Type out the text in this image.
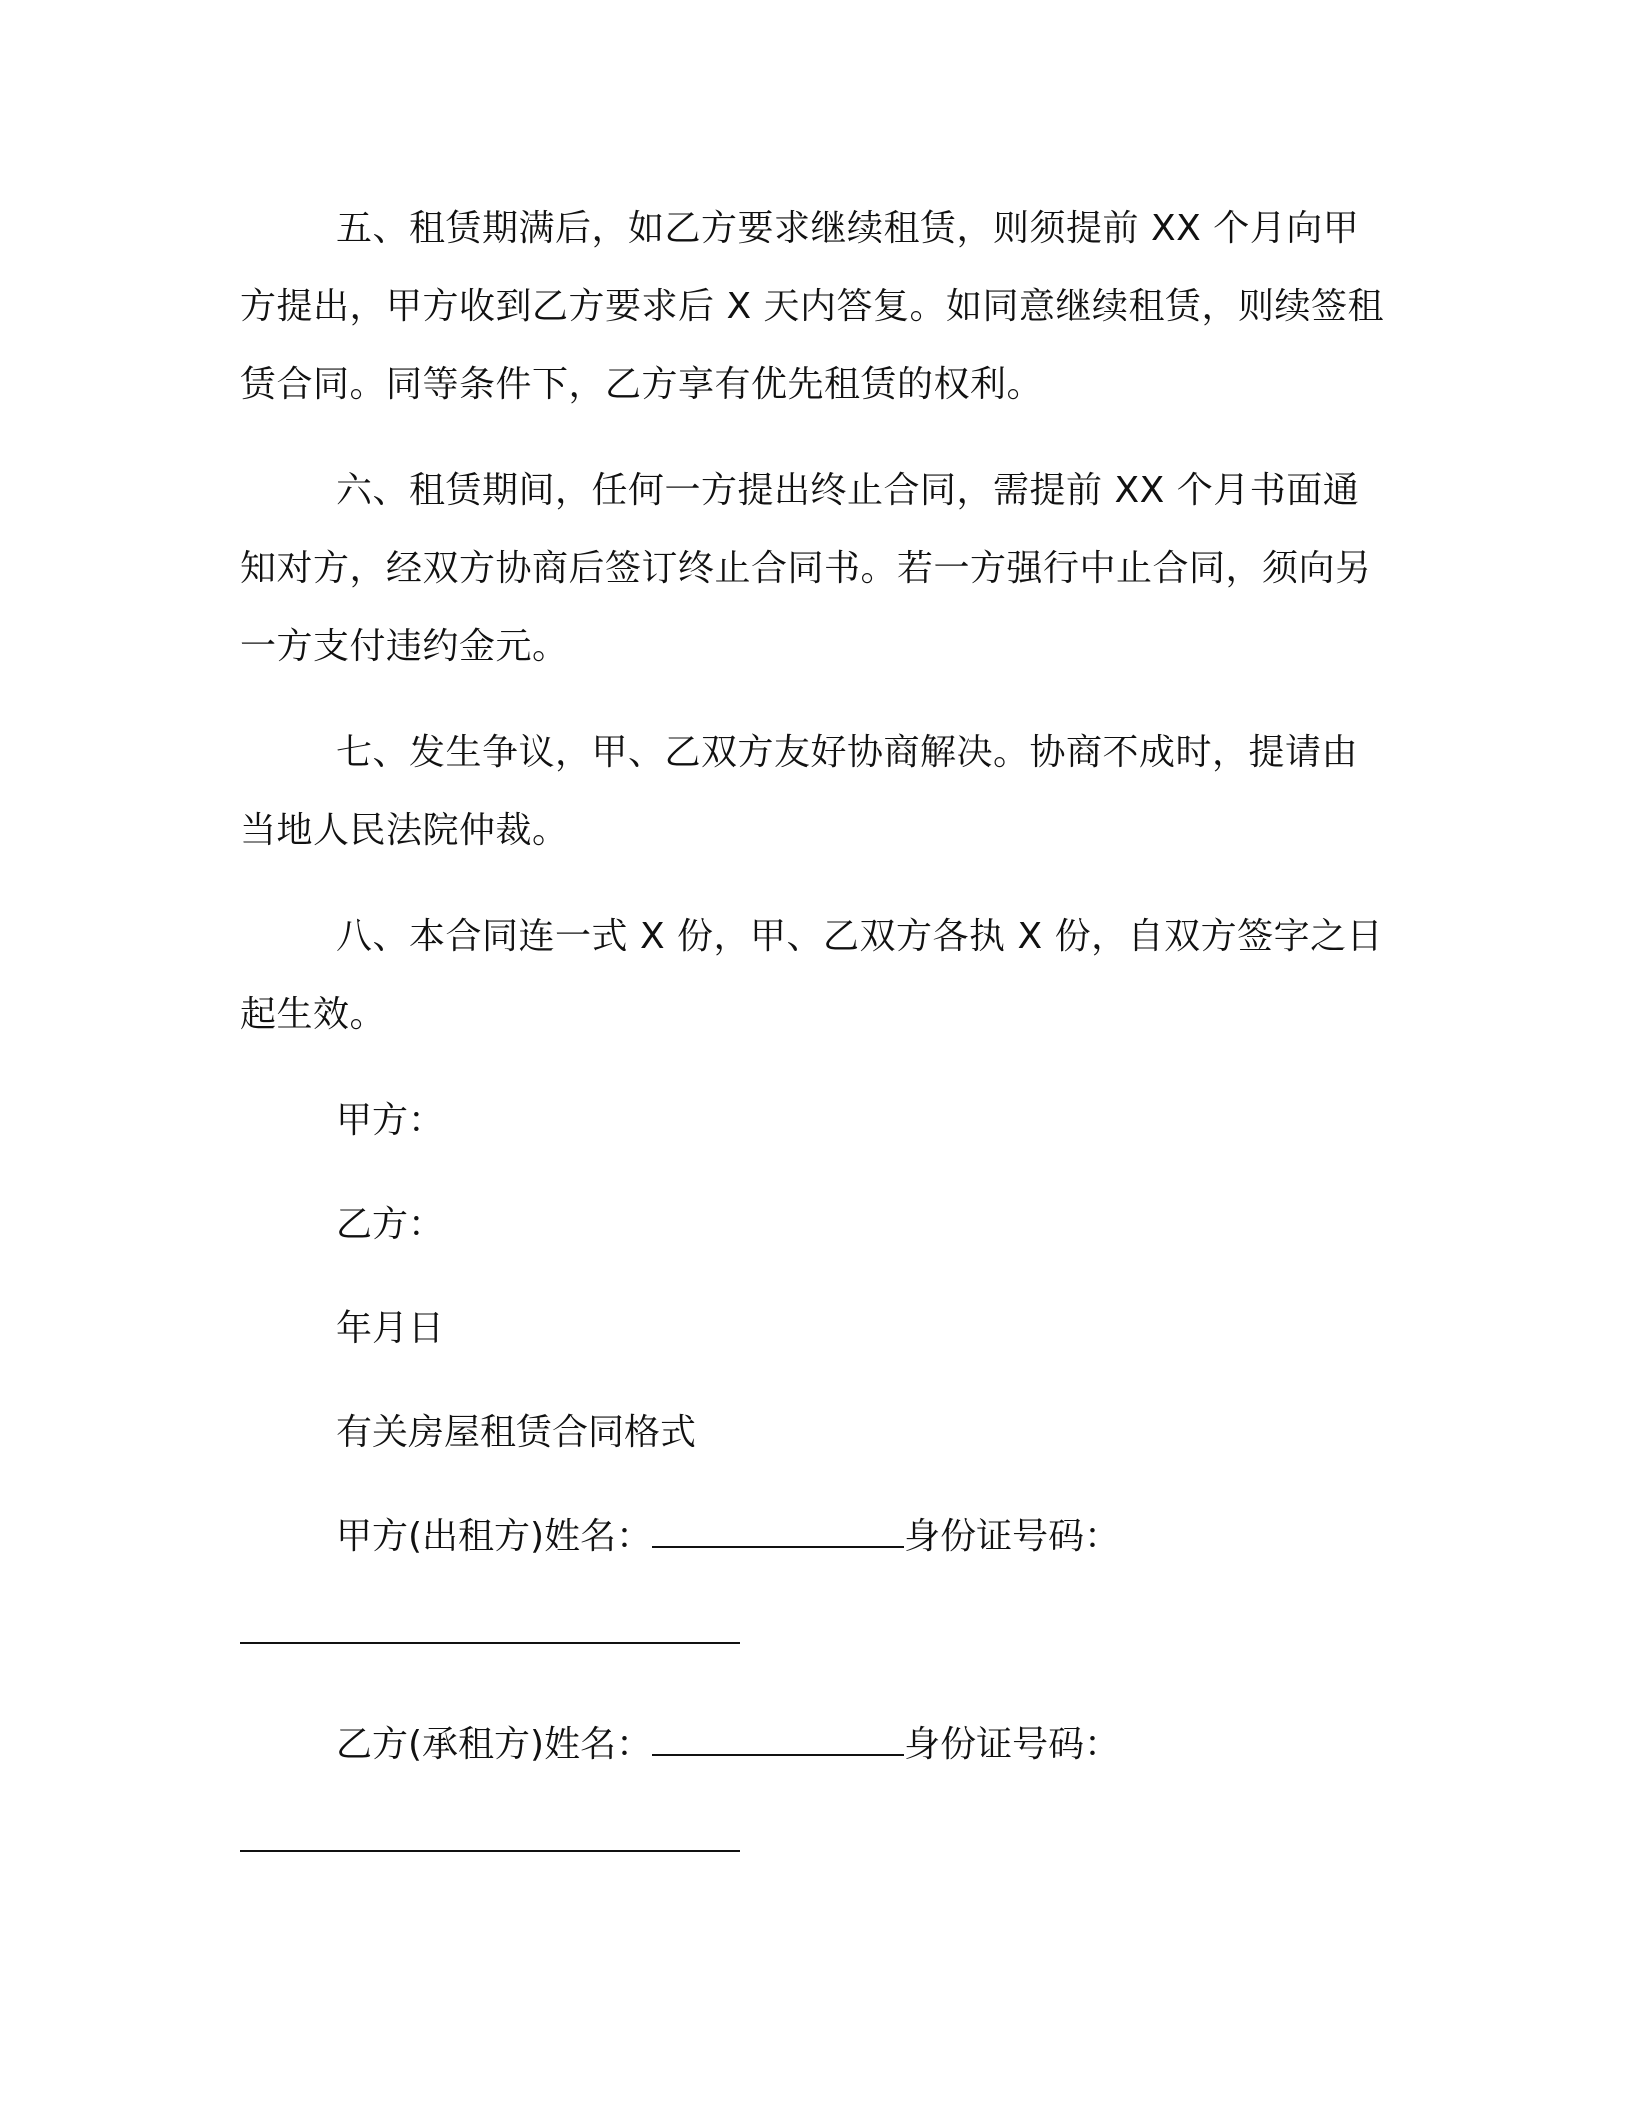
五、租赁期满后，如乙方要求继续租赁，则须提前 XX 个月向甲方提出，甲方收到乙方要求后 X 天内答复。如同意继续租赁，则续签租赁合同。同等条件下，乙方享有优先租赁的权利。

六、租赁期间，任何一方提出终止合同，需提前 XX 个月书面通知对方，经双方协商后签订终止合同书。若一方强行中止合同，须向另一方支付违约金元。

七、发生争议，甲、乙双方友好协商解决。协商不成时，提请由当地人民法院仲裁。

八、本合同连一式 X 份，甲、乙双方各执 X 份，自双方签字之日起生效。

甲方：
乙方：
年月日
有关房屋租赁合同格式
甲方(出租方)姓名：	身份证号码：
乙方(承租方)姓名：	身份证号码：
